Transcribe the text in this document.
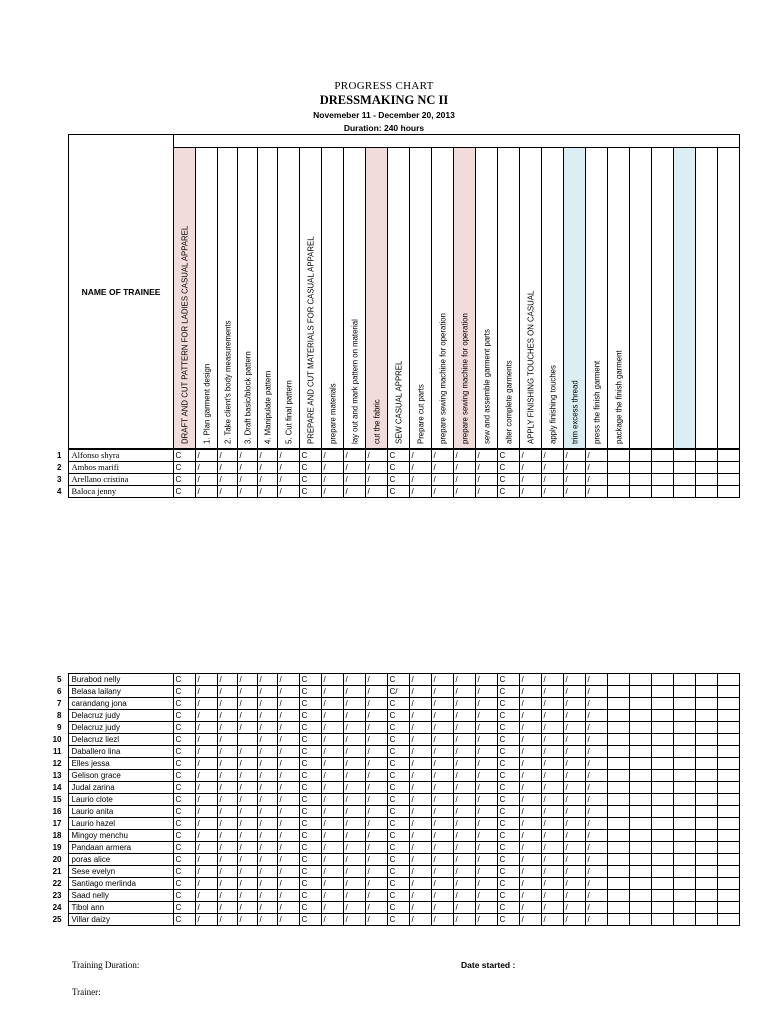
PROGRESS CHART
DRESSMAKING NC II
Novemeber 11 - December 20, 2013
Duration: 240 hours
NAME OF TRAINEE																										

	DRAFT AND CUT PATTERN FOR LADIES CASUAL APPAREL	1. Plan garment design	2. Take client's body measurements	3. Draft basic/block pattern	4. Manipulate pattern	5. Cut final pattern	PREPARE AND CUT MATERIALS FOR CASUAL APPAREL	prepare materials	lay out and mark pattern on material	cut the fabric	SEW CASUAL APPREL	Prepare cut parts	prepare sewing machine for operation	prepare sewing machine for operation	sew and assemble garment parts	alter complete garments	APPLY FINISHING TOUCHES ON CASUAL	apply finishing touches	trim excess thread	press the finish garment	package the finish garment					

1	Alfonso shyra	C	/	/	/	/	/	C	/	/	/	C	/	/	/	/	C	/	/	/	/						
2	Ambos marifi	C	/	/	/	/	/	C	/	/	/	C	/	/	/	/	C	/	/	/	/						
3	Arellano cristina	C	/	/	/	/	/	C	/	/	/	C	/	/	/	/	C	/	/	/	/						
4	Baloca jenny	C	/	/	/	/	/	C	/	/	/	C	/	/	/	/	C	/	/	/	/						
5	Burabod nelly	C	/	/	/	/	/	C	/	/	/	C	/	/	/	/	C	/	/	/	/						
6	Belasa lailany	C	/	/	/	/	/	C	/	/	/	C/	/	/	/	/	C	/	/	/	/						
7	carandang jona	C	/	/	/	/	/	C	/	/	/	C	/	/	/	/	C	/	/	/	/						
8	Delacruz judy	C	/	/	/	/	/	C	/	/	/	C	/	/	/	/	C	/	/	/	/						
9	Delacruz judy	C	/	/	/	/	/	C	/	/	/	C	/	/	/	/	C	/	/	/	/						
10	Delacruz liezl	C	/	/		/	/	C	/	/	/	C	/	/	/	/	C	/	/	/	/						
11	Daballero lina	C	/	/	/	/	/	C	/	/	/	C	/	/	/	/	C	/	/	/	/						
12	Elles jessa	C	/	/	/	/	/	C	/	/	/	C	/	/	/	/	C	/	/	/	/						
13	Gelison grace	C	/	/	/	/	/	C	/	/	/	C	/	/	/	/	C	/	/	/	/						
14	Judal zarina	C	/	/	/	/	/	C	/	/	/	C	/	/	/	/	C	/	/	/	/						
15	Laurio clote	C	/	/	/	/	/	C	/	/	/	C	/	/	/	/	C	/	/	/	/						
16	Laurio anita	C	/	/	/	/	/	C	/	/	/	C	/	/	/	/	C	/	/	/	/						
17	Laurio hazel	C	/	/	/	/	/	C	/	/	/	C	/	/	/	/	C	/	/	/	/						
18	Mingoy menchu	C	/	/	/	/	/	C	/	/	/	C	/	/	/	/	C	/	/	/	/						
19	Pandaan armera	C	/	/	/	/	/	C	/	/	/	C	/	/	/	/	C	/	/	/	/						
20	poras alice	C	/	/	/	/	/	C	/	/	/	C	/	/	/	/	C	/	/	/	/						
21	Sese evelyn	C	/	/	/	/	/	C	/	/	/	C	/	/	/	/	C	/	/	/	/						
22	Santiago merlinda	C	/	/	/	/	/	C	/	/	/	C	/	/	/	/	C	/	/	/	/						
23	Saad nelly	C	/	/	/	/	/	C	/	/	/	C	/	/	/	/	C	/	/	/	/						
24	Tibol ann	C	/	/	/	/	/	C	/	/	/	C	/	/	/	/	C	/	/	/	/						
25	Villar daizy	C	/	/	/	/	/	C	/	/	/	C	/	/	/	/	C	/	/	/	/						
Training Duration:	Date started :
Trainer:
